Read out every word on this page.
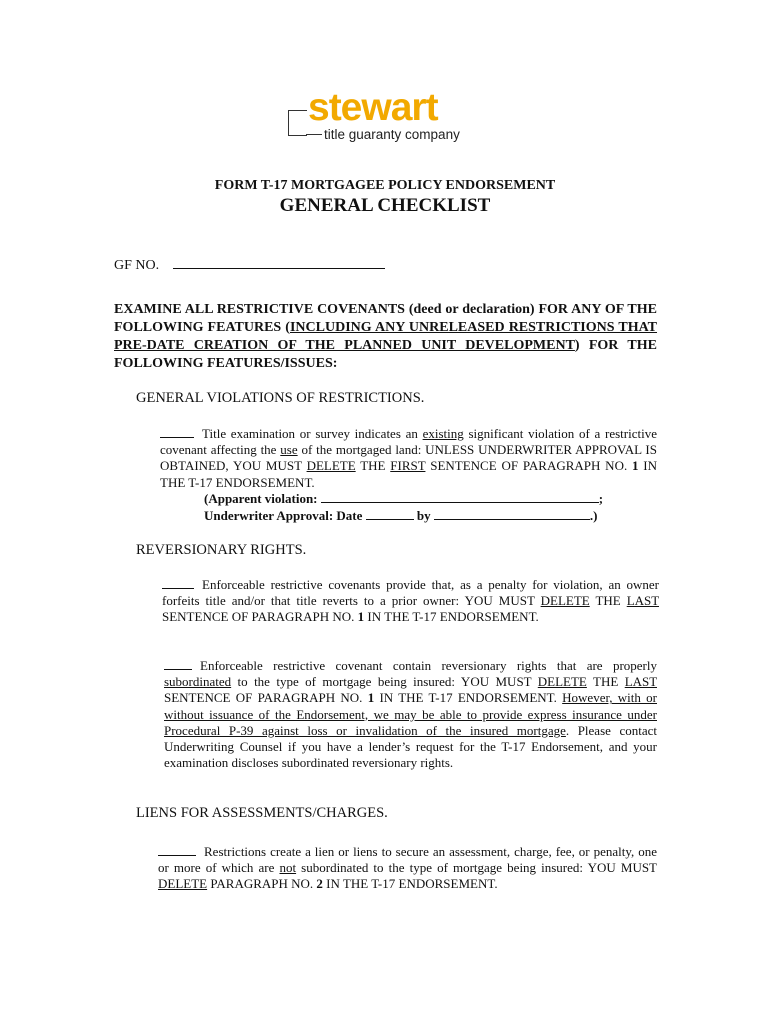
stewart
title guaranty company
FORM T-17 MORTGAGEE POLICY ENDORSEMENT
GENERAL CHECKLIST
GF NO.
EXAMINE ALL RESTRICTIVE COVENANTS (deed or declaration) FOR ANY OF THE FOLLOWING FEATURES (INCLUDING ANY UNRELEASED RESTRICTIONS THAT PRE-DATE CREATION OF THE PLANNED UNIT DEVELOPMENT) FOR THE FOLLOWING FEATURES/ISSUES:
GENERAL VIOLATIONS OF RESTRICTIONS.
Title examination or survey indicates an existing significant violation of a restrictive covenant affecting the use of the mortgaged land: UNLESS UNDERWRITER APPROVAL IS OBTAINED, YOU MUST DELETE THE FIRST SENTENCE OF PARAGRAPH NO. 1 IN THE T-17 ENDORSEMENT.
(Apparent violation:	;
Underwriter Approval: Date	by	.)
REVERSIONARY RIGHTS.
Enforceable restrictive covenants provide that, as a penalty for violation, an owner forfeits title and/or that title reverts to a prior owner: YOU MUST DELETE THE LAST SENTENCE OF PARAGRAPH NO. 1 IN THE T-17 ENDORSEMENT.
Enforceable restrictive covenant contain reversionary rights that are properly subordinated to the type of mortgage being insured: YOU MUST DELETE THE LAST SENTENCE OF PARAGRAPH NO. 1 IN THE T-17 ENDORSEMENT. However, with or without issuance of the Endorsement, we may be able to provide express insurance under Procedural P-39 against loss or invalidation of the insured mortgage. Please contact Underwriting Counsel if you have a lender’s request for the T-17 Endorsement, and your examination discloses subordinated reversionary rights.
LIENS FOR ASSESSMENTS/CHARGES.
Restrictions create a lien or liens to secure an assessment, charge, fee, or penalty, one or more of which are not subordinated to the type of mortgage being insured: YOU MUST DELETE PARAGRAPH NO. 2 IN THE T-17 ENDORSEMENT.
